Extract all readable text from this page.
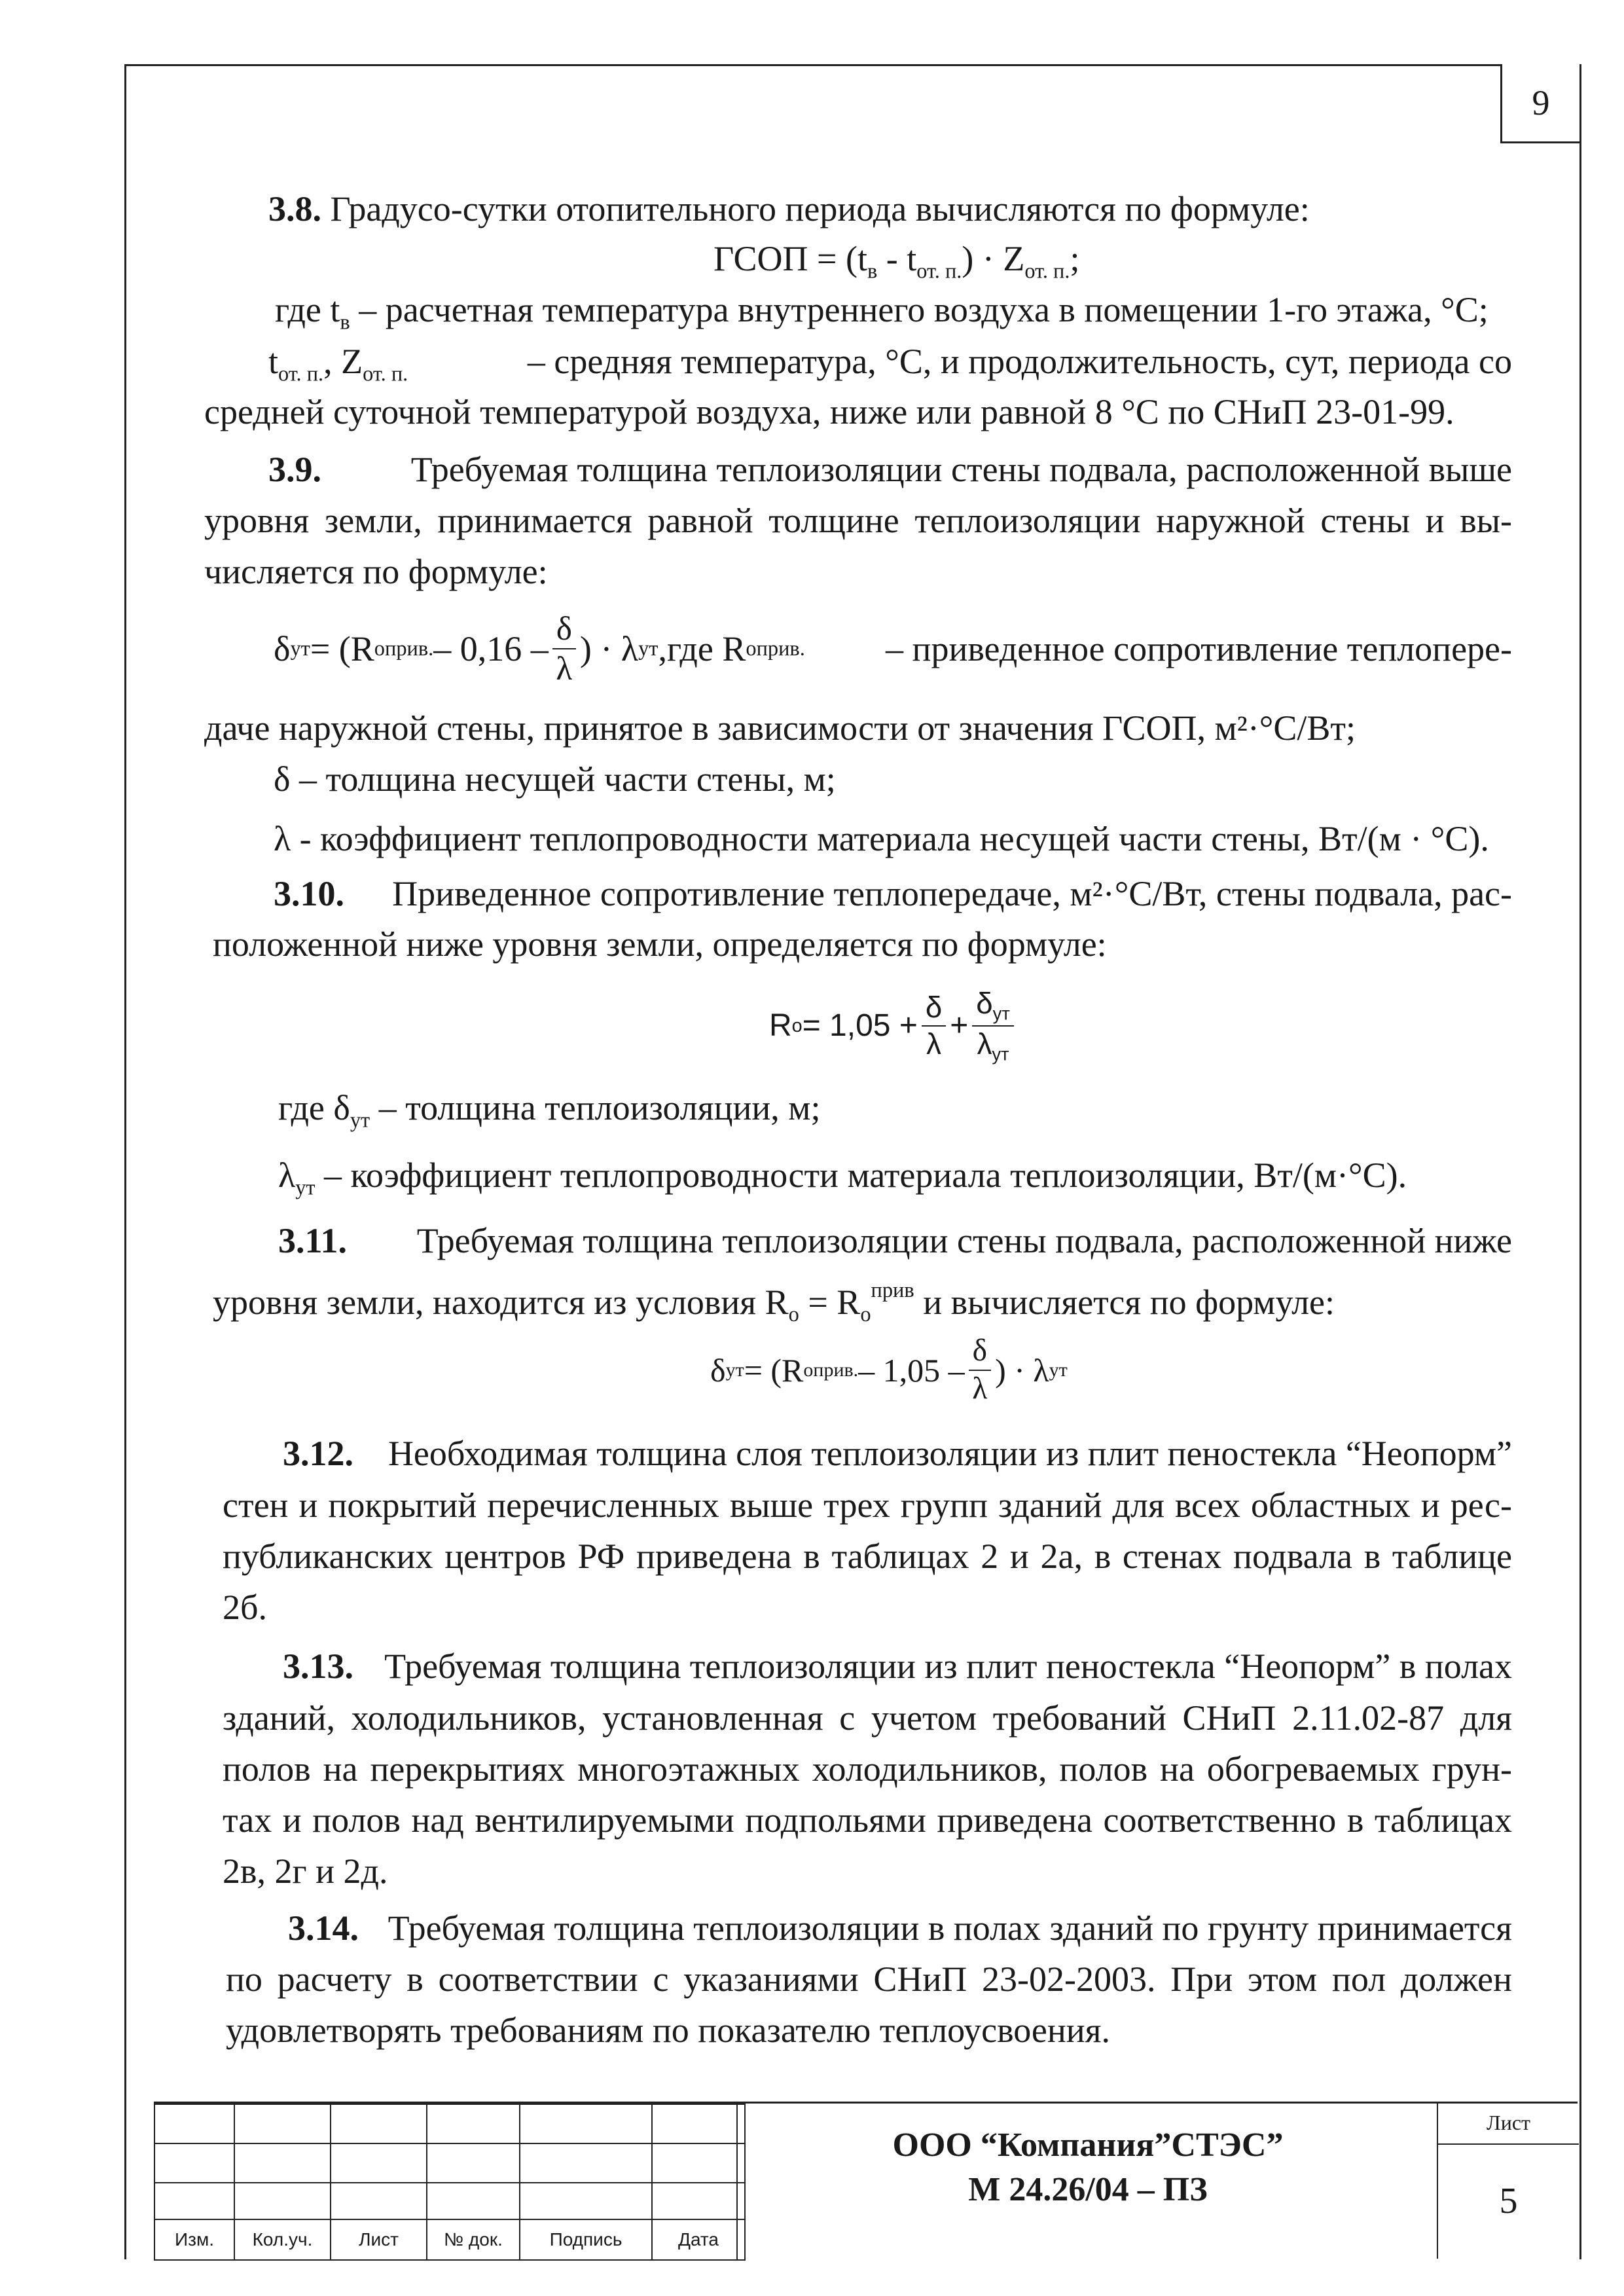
9
3.8. Градусо-сутки отопительного периода вычисляются по формуле:
ГСОП = $(t_в - t_{от. п.}) \cdot Z_{от. п.}$;
где $t_в$ – расчетная температура внутреннего воздуха в помещении 1-го этажа, °С;
$t_{от. п.}$, $Z_{от. п.}$	– средняя температура, °С, и продолжительность, сут, периода со
средней суточной температурой воздуха, ниже или равной 8 °С по СНиП 23-01-99.
3.9.	Требуемая толщина теплоизоляции стены подвала, расположенной выше
уровня земли, принимается равной толщине теплоизоляции наружной стены и вы-
числяется по формуле:
δ ут = (R о прив. – $0,16 - \frac{\delta}{\lambda}$ ) · λ ут ,где R о прив. – приведенное сопротивление теплопере-
даче наружной стены, принятое в зависимости от значения ГСОП, м²·°С/Вт;
δ – толщина несущей части стены, м;
λ - коэффициент теплопроводности материала несущей части стены, Вт/(м · °С).
3.10. Приведенное сопротивление теплопередаче, м²·°С/Вт, стены подвала, рас-
положенной ниже уровня земли, определяется по формуле:
R $о = 1,05 + \frac{\delta}{\lambda} + \frac{\delta_{ут}}{\lambda_{ут}}$
где $\delta_{ут}$ – толщина теплоизоляции, м;
$\lambda_{ут}$ – коэффициент теплопроводности материала теплоизоляции, Вт/(м·°С).
3.11. Требуемая толщина теплоизоляции стены подвала, расположенной ниже
уровня земли, находится из условия $R_о = R_о^{прив}$ и вычисляется по формуле:
δ ут = (R о прив. – $1,05 - \frac{\delta}{\lambda}$ ) · λ ут
3.12. Необходимая толщина слоя теплоизоляции из плит пеностекла “Неопорм”
стен и покрытий перечисленных выше трех групп зданий для всех областных и рес-
публиканских центров РФ приведена в таблицах 2 и 2а, в стенах подвала в таблице
2б.
3.13. Требуемая толщина теплоизоляции из плит пеностекла “Неопорм” в полах
зданий, холодильников, установленная с учетом требований СНиП 2.11.02-87 для
полов на перекрытиях многоэтажных холодильников, полов на обогреваемых грун-
тах и полов над вентилируемыми подпольями приведена соответственно в таблицах
2в, 2г и 2д.
3.14. Требуемая толщина теплоизоляции в полах зданий по грунту принимается
по расчету в соответствии с указаниями СНиП 23-02-2003. При этом пол должен
удовлетворять требованиям по показателю теплоусвоения.

Изм.	Кол.уч.	Лист	№ док.	Подпись	Дата
ООО “Компания”СТЭС”
М 24.26/04 – ПЗ
Лист
5
